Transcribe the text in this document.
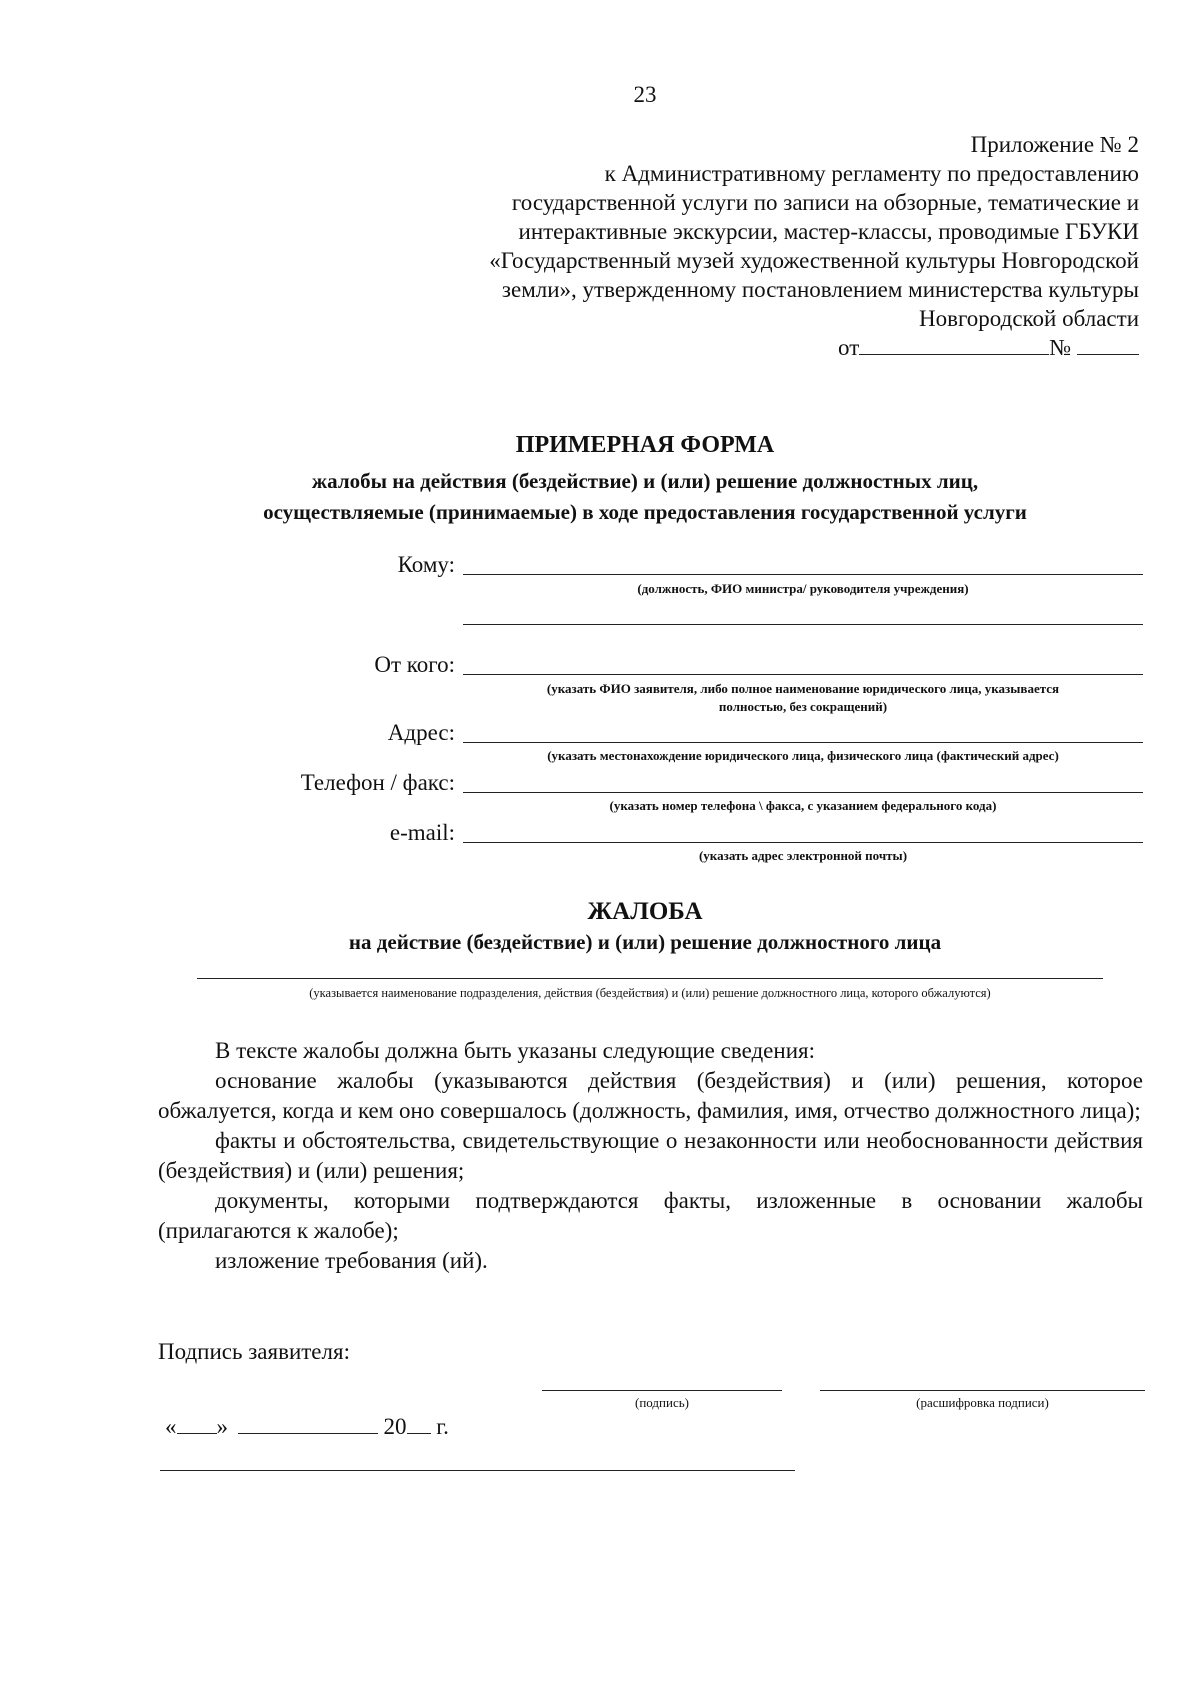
23
Приложение № 2
к Административному регламенту по предоставлению
государственной услуги по записи на обзорные, тематические и
интерактивные экскурсии, мастер-классы, проводимые ГБУКИ
«Государственный музей художественной культуры Новгородской
земли», утвержденному постановлением министерства культуры
Новгородской области
от	№
ПРИМЕРНАЯ ФОРМА
жалобы на действия (бездействие) и (или) решение должностных лиц,
осуществляемые (принимаемые) в ходе предоставления государственной услуги
Кому:
(должность, ФИО министра/ руководителя учреждения)
От кого:
(указать ФИО заявителя, либо полное наименование юридического лица, указывается
полностью, без сокращений)
Адрес:
(указать местонахождение юридического лица, физического лица (фактический адрес)
Телефон / факс:
(указать номер телефона \ факса, с указанием федерального кода)
e-mail:
(указать адрес электронной почты)
ЖАЛОБА
на действие (бездействие) и (или) решение должностного лица
(указывается наименование подразделения, действия (бездействия) и (или) решение должностного лица, которого обжалуются)

В тексте жалобы должна быть указаны следующие сведения:

основание жалобы (указываются действия (бездействия) и (или) решения, которое обжалуется, когда и кем оно совершалось (должность, фамилия, имя, отчество должностного лица);

факты и обстоятельства, свидетельствующие о незаконности или необоснованности действия (бездействия) и (или) решения;

документы, которыми подтверждаются факты, изложенные в основании жалобы (прилагаются к жалобе);

изложение требования (ий).

Подпись заявителя:
(подпись)	(расшифровка подписи)
« »	20 г.
